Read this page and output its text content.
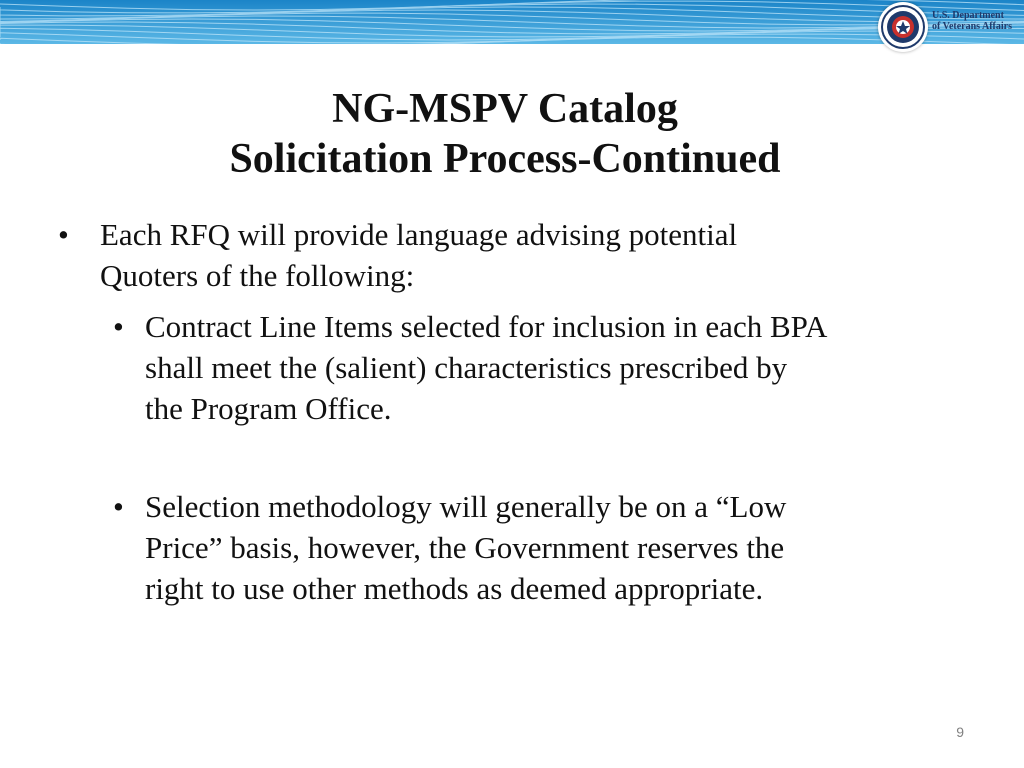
U.S. Department
of Veterans Affairs
NG-MSPV Catalog
Solicitation Process-Continued
• Each RFQ will provide language advising potential
Quoters of the following:
• Contract Line Items selected for inclusion in each BPA
shall meet the (salient) characteristics prescribed by
the Program Office.
• Selection methodology will generally be on a “Low
Price” basis, however, the Government reserves the
right to use other methods as deemed appropriate.
9
